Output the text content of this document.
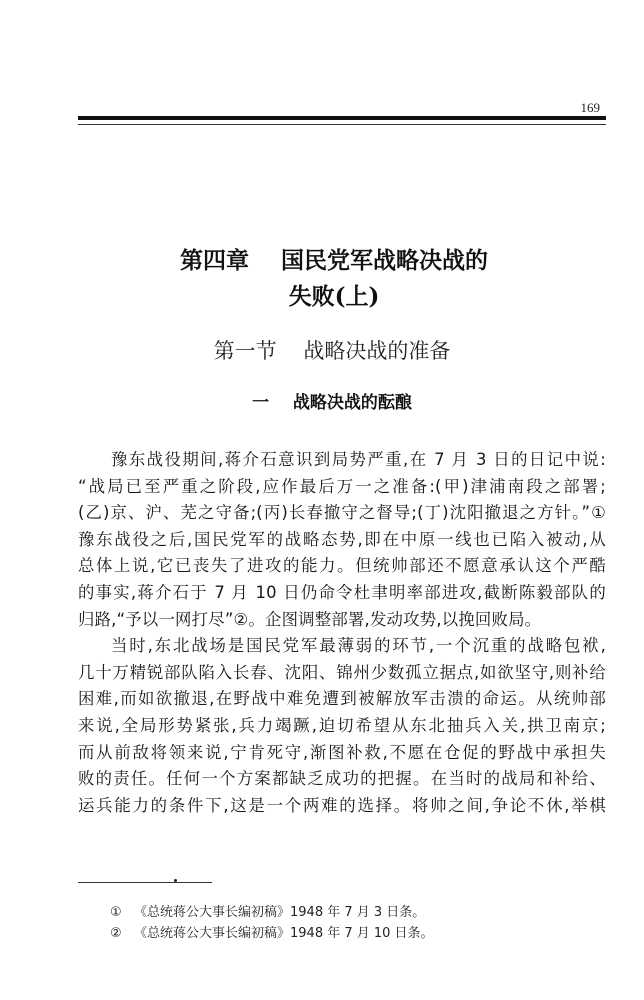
169
第四章    国民党军战略决战的
失败(上)
第一节    战略决战的准备
一    战略决战的酝酿
豫东战役期间,蒋介石意识到局势严重,在 7 月 3 日的日记中说:
“战局已至严重之阶段,应作最后万一之准备:(甲)津浦南段之部署;
(乙)京、沪、芜之守备;(丙)长春撤守之督导;(丁)沈阳撤退之方针。”①
豫东战役之后,国民党军的战略态势,即在中原一线也已陷入被动,从
总体上说,它已丧失了进攻的能力。但统帅部还不愿意承认这个严酷
的事实,蒋介石于 7 月 10 日仍命令杜聿明率部进攻,截断陈毅部队的
归路,“予以一网打尽”②。企图调整部署,发动攻势,以挽回败局。
当时,东北战场是国民党军最薄弱的环节,一个沉重的战略包袱,
几十万精锐部队陷入长春、沈阳、锦州少数孤立据点,如欲坚守,则补给
困难,而如欲撤退,在野战中难免遭到被解放军击溃的命运。从统帅部
来说,全局形势紧张,兵力竭蹶,迫切希望从东北抽兵入关,拱卫南京;
而从前敌将领来说,宁肯死守,渐图补救,不愿在仓促的野战中承担失
败的责任。任何一个方案都缺乏成功的把握。在当时的战局和补给、
运兵能力的条件下,这是一个两难的选择。将帅之间,争论不休,举棋
① 《总统蒋公大事长编初稿》1948 年 7 月 3 日条。
② 《总统蒋公大事长编初稿》1948 年 7 月 10 日条。
